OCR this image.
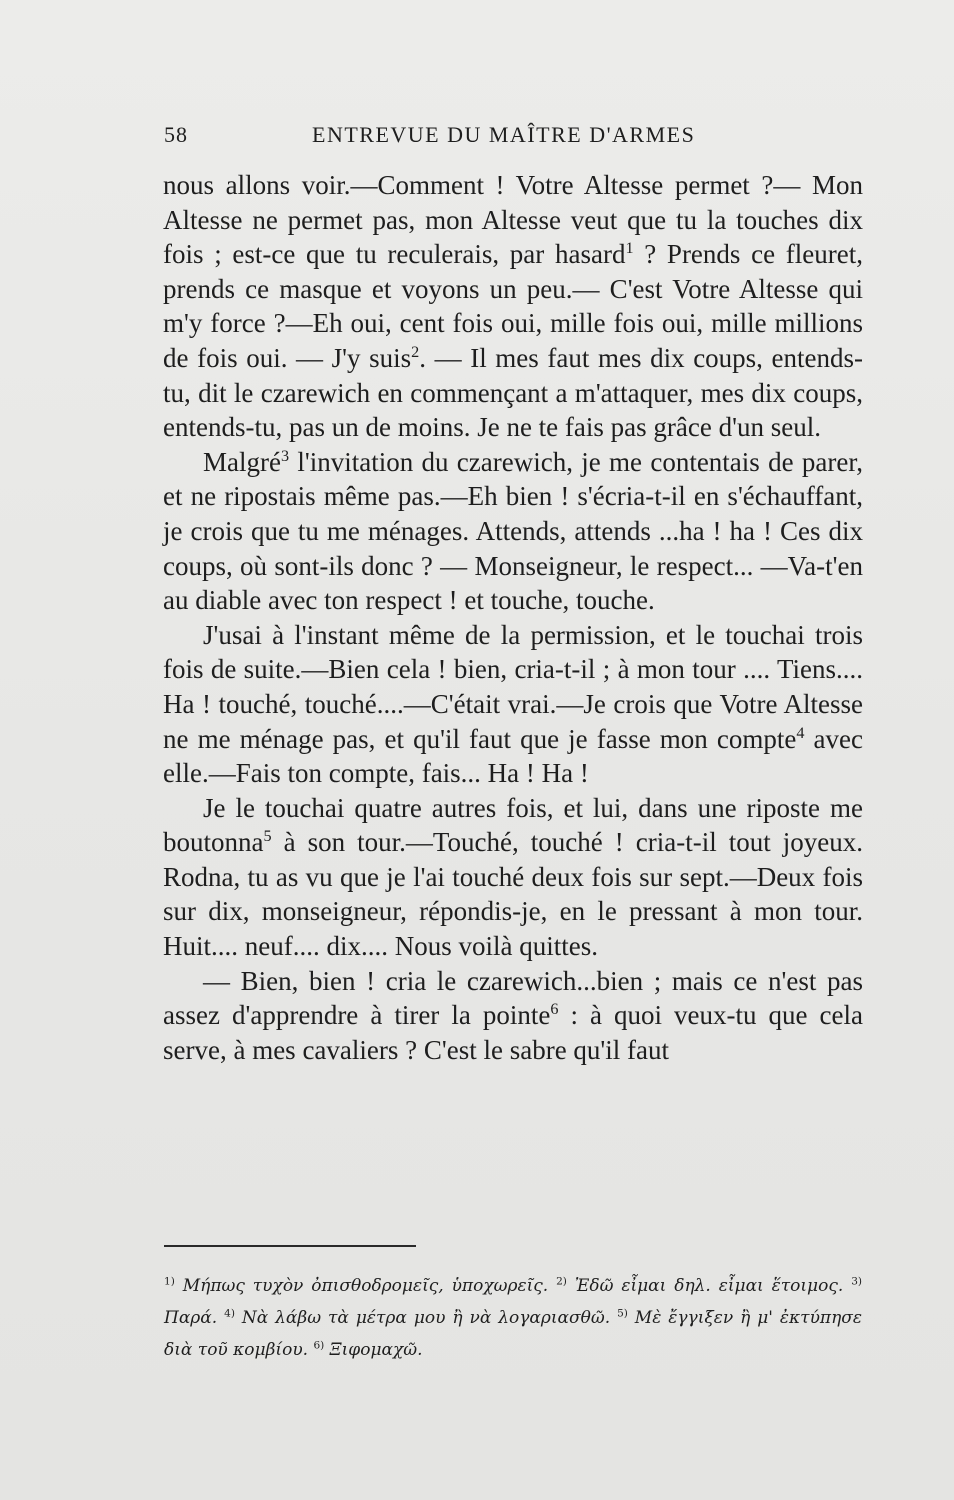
58	ENTREVUE DU MAÎTRE D'ARMES

nous allons voir.—Comment ! Votre Altesse permet ?— Mon Altesse ne permet pas, mon Altesse veut que tu la touches dix fois ; est-ce que tu reculerais, par hasard$^1$ ? Prends ce fleuret, prends ce masque et voyons un peu.— C'est Votre Altesse qui m'y force ?—Eh oui, cent fois oui, mille fois oui, mille millions de fois oui. — J'y suis$^2$. — Il mes faut mes dix coups, entends-tu, dit le czarewich en commençant a m'attaquer, mes dix coups, entends-tu, pas un de moins. Je ne te fais pas grâce d'un seul.

Malgré$^3$ l'invitation du czarewich, je me contentais de parer, et ne ripostais même pas.—Eh bien ! s'écria-t-il en s'échauffant, je crois que tu me ménages. Attends, attends ...ha ! ha ! Ces dix coups, où sont-ils donc ? — Monseigneur, le respect... —Va-t'en au diable avec ton respect ! et touche, touche.

J'usai à l'instant même de la permission, et le touchai trois fois de suite.—Bien cela ! bien, cria-t-il ; à mon tour .... Tiens.... Ha ! touché, touché....—C'était vrai.—Je crois que Votre Altesse ne me ménage pas, et qu'il faut que je fasse mon compte$^4$ avec elle.—Fais ton compte, fais... Ha ! Ha !

Je le touchai quatre autres fois, et lui, dans une riposte me boutonna$^5$ à son tour.—Touché, touché ! cria-t-il tout joyeux. Rodna, tu as vu que je l'ai touché deux fois sur sept.—Deux fois sur dix, monseigneur, répondis-je, en le pressant à mon tour. Huit.... neuf.... dix.... Nous voilà quittes.

— Bien, bien ! cria le czarewich...bien ; mais ce n'est pas assez d'apprendre à tirer la pointe$^6$ : à quoi veux-tu que cela serve, à mes cavaliers ? C'est le sabre qu'il faut

$^{1)}$ Μήπως τυχὸν ὀπισθοδρομεῖς, ὑποχωρεῖς. $^{2)}$ Ἐδῶ εἶμαι δηλ. εἶμαι ἕτοιμος. $^{3)}$ Παρά. $^{4)}$ Νὰ λάβω τὰ μέτρα μου ἢ νὰ λογαριασθῶ. $^{5)}$ Μὲ ἔγγιξεν ἢ μ' ἐκτύπησε διὰ τοῦ κομβίου. $^{6)}$ Ξιφομαχῶ.
